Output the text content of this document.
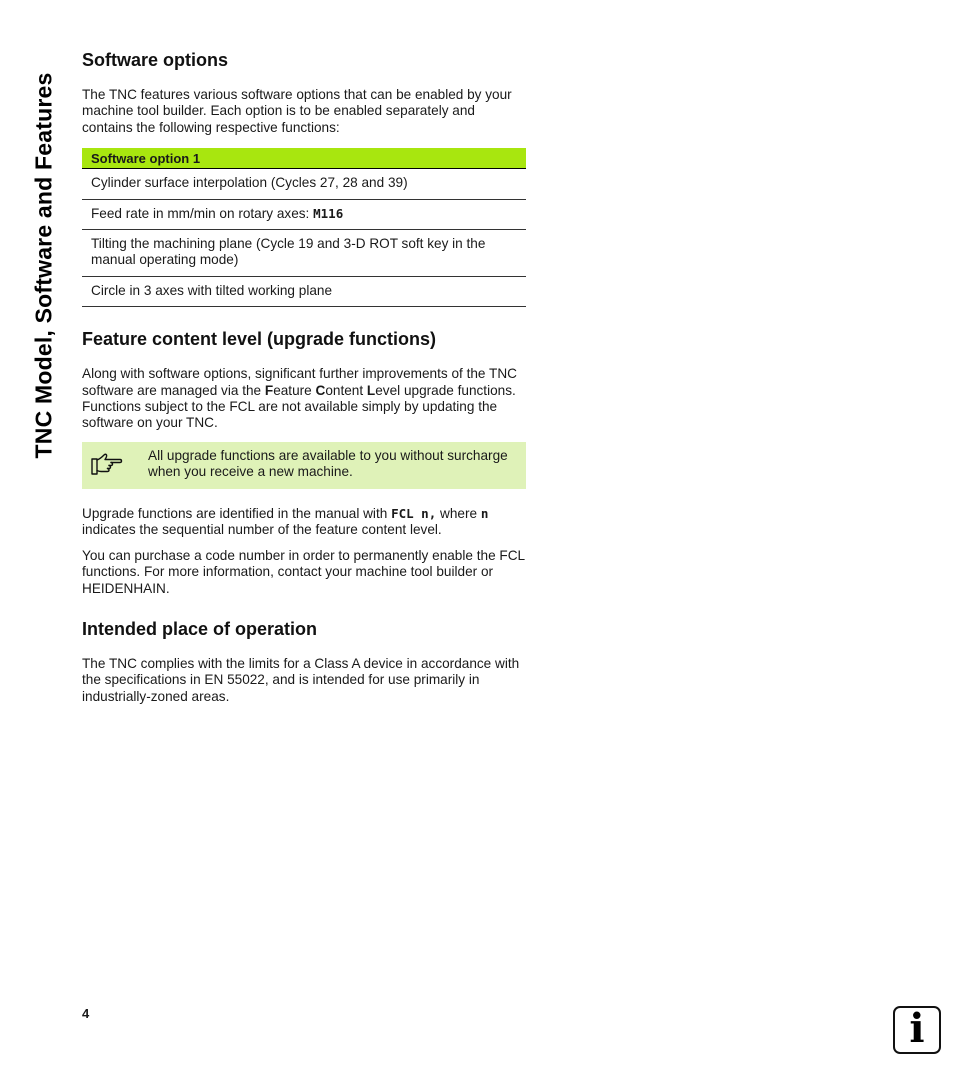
TNC Model, Software and Features
Software options

The TNC features various software options that can be enabled by your machine tool builder. Each option is to be enabled separately and contains the following respective functions:

Software option 1
Cylinder surface interpolation (Cycles 27, 28 and 39)
Feed rate in mm/min on rotary axes: M116
Tilting the machining plane (Cycle 19 and 3-D ROT soft key in the manual operating mode)
Circle in 3 axes with tilted working plane
Feature content level (upgrade functions)

Along with software options, significant further improvements of the TNC software are managed via the Feature Content Level upgrade functions. Functions subject to the FCL are not available simply by updating the software on your TNC.

All upgrade functions are available to you without surcharge when you receive a new machine.

Upgrade functions are identified in the manual with FCL n, where n indicates the sequential number of the feature content level.

You can purchase a code number in order to permanently enable the FCL functions. For more information, contact your machine tool builder or HEIDENHAIN.

Intended place of operation

The TNC complies with the limits for a Class A device in accordance with the specifications in EN 55022, and is intended for use primarily in industrially-zoned areas.

4	i
